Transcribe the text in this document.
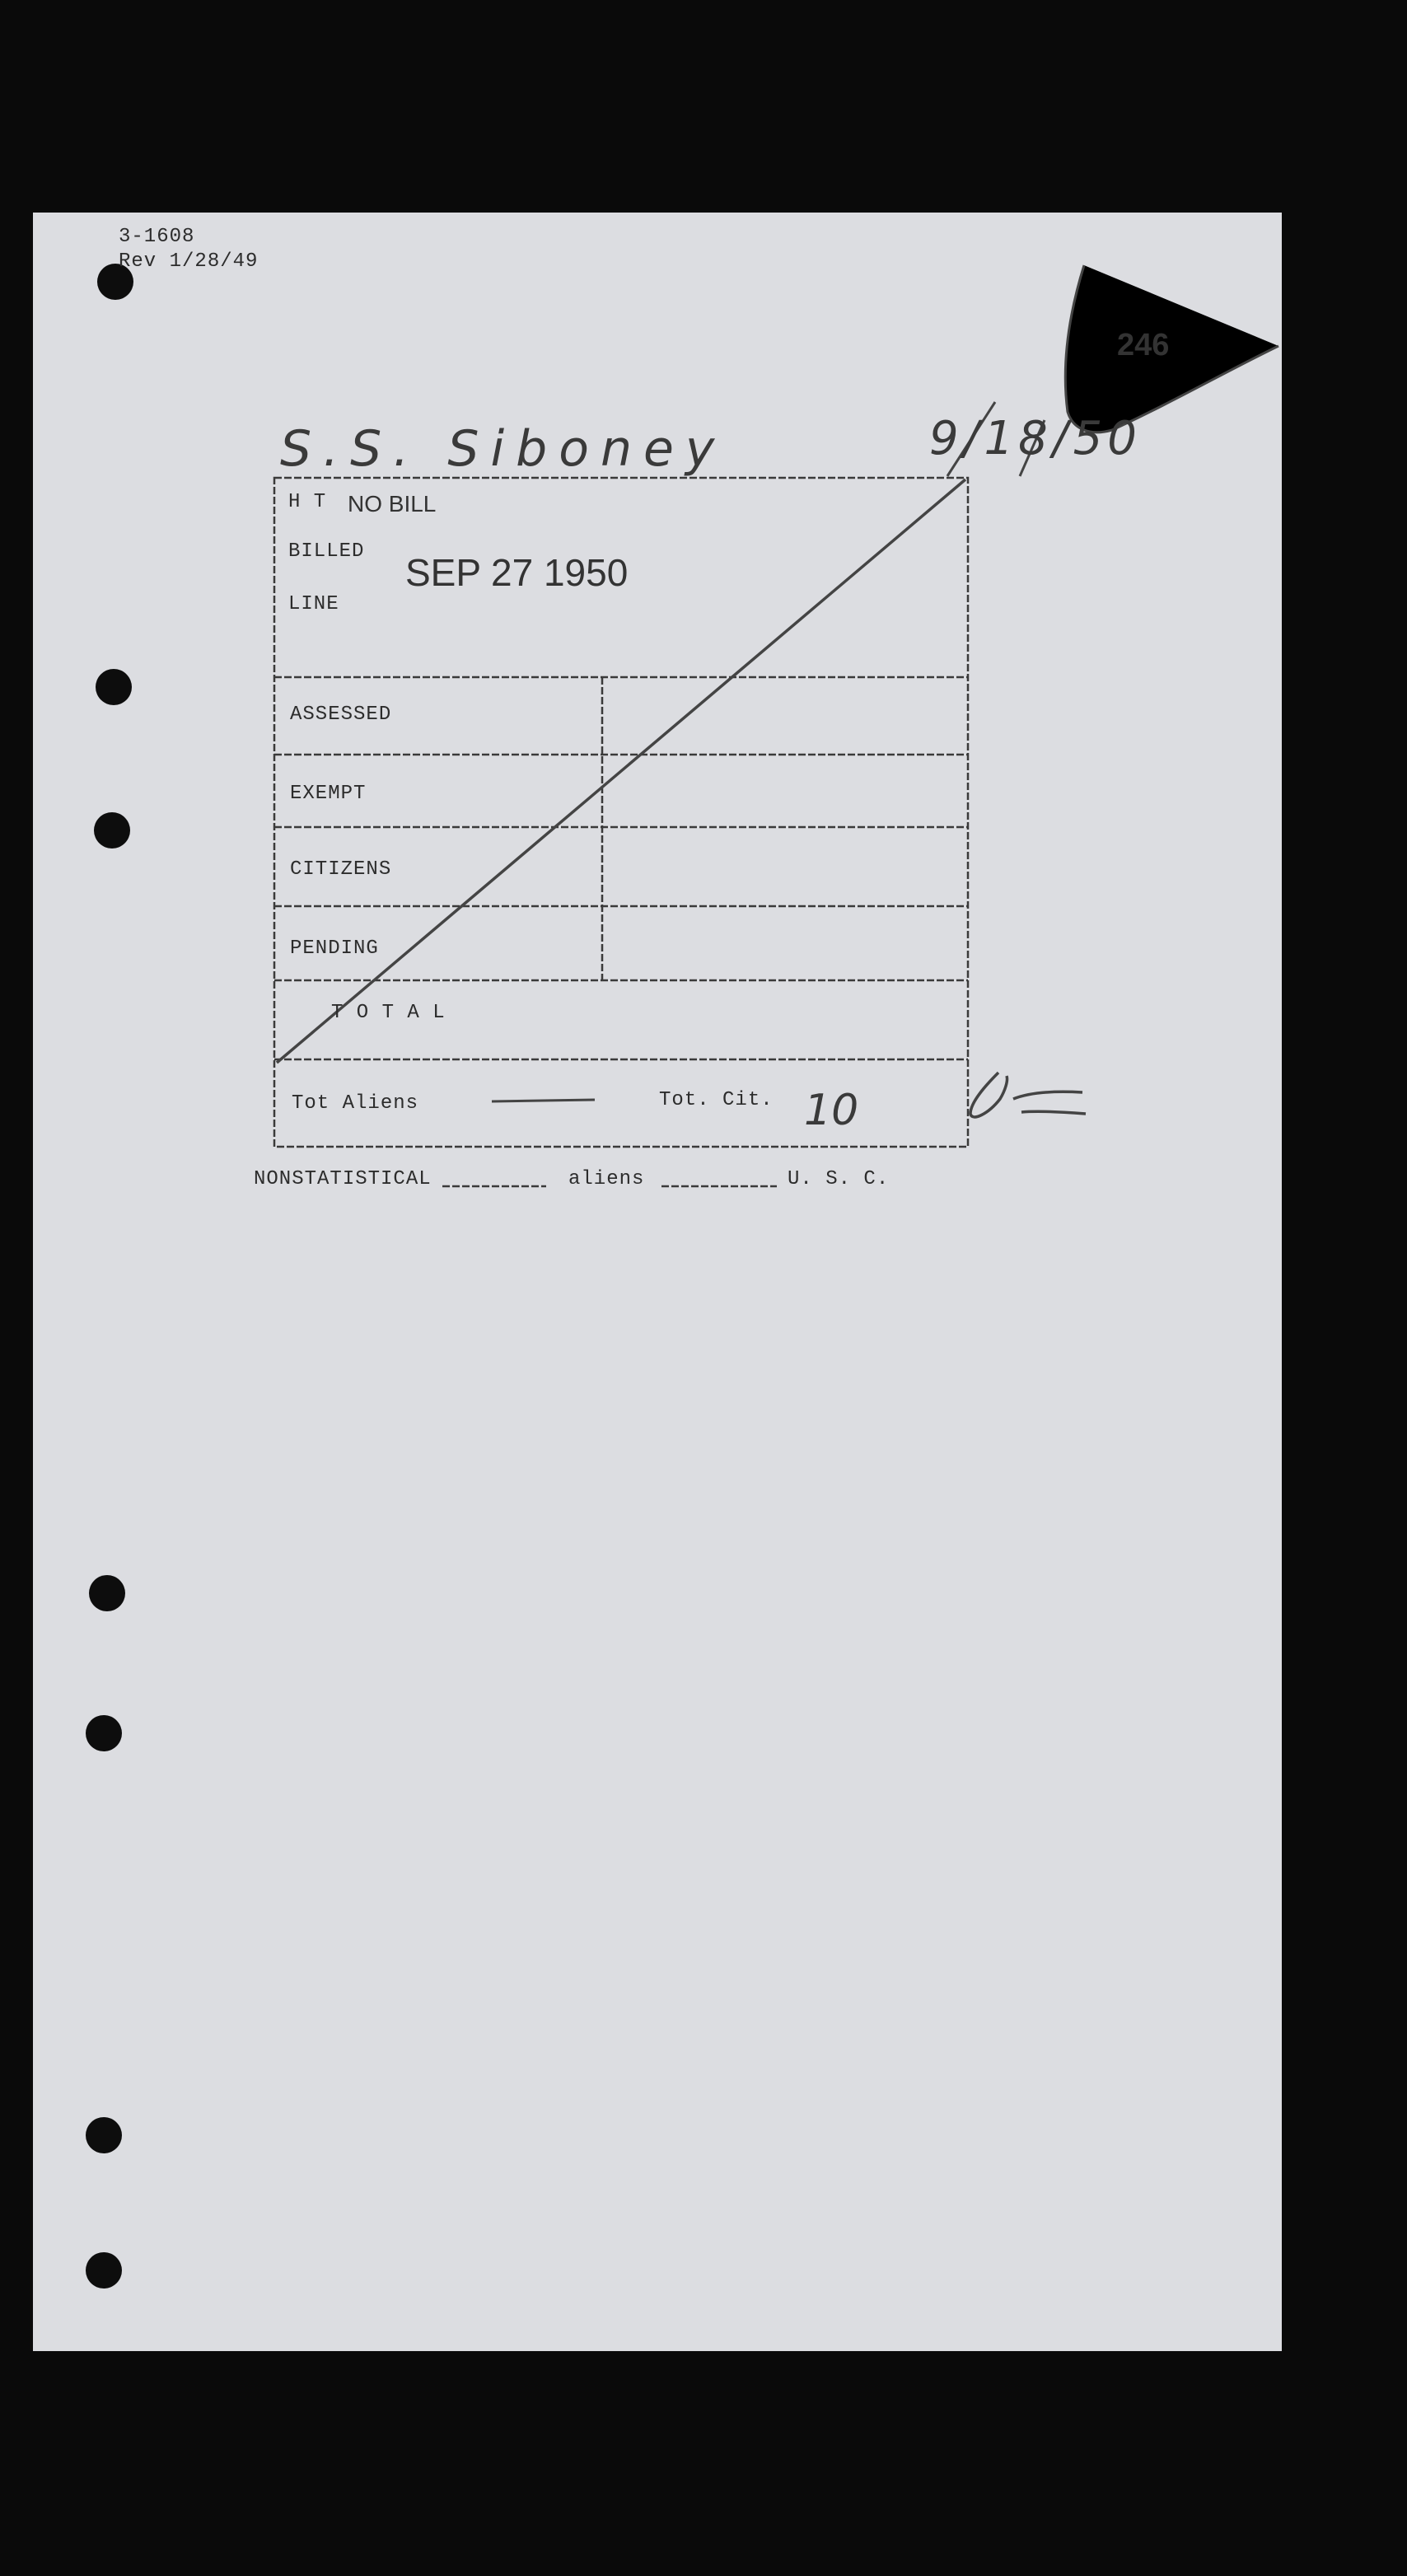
3-1608
Rev 1/28/49
246
S.S. Siboney	9/18/50
H T NO BILL
BILLED SEP 27 1950
LINE
ASSESSED
EXEMPT
CITIZENS
PENDING
T O T A L
Tot Aliens	Tot. Cit. 10
NONSTATISTICAL	aliens	U. S. C.
